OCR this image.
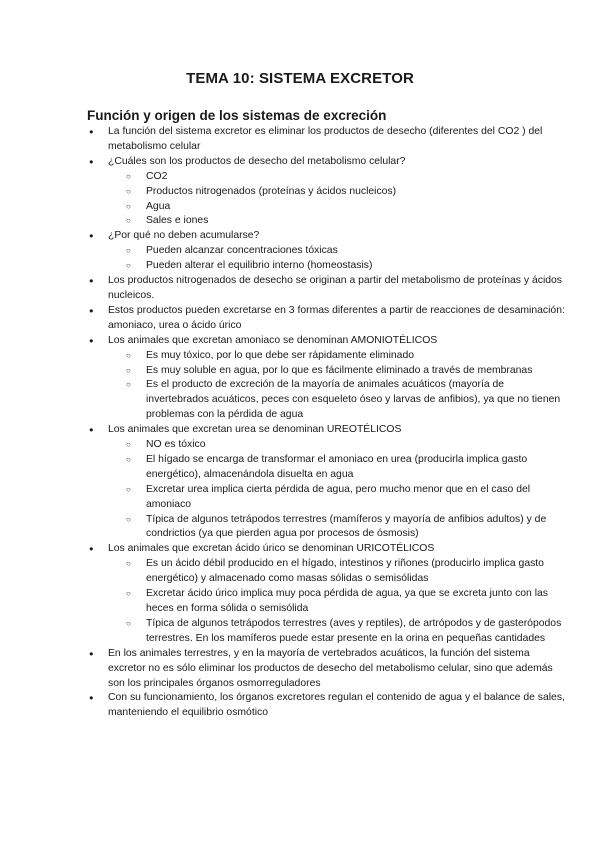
TEMA 10: SISTEMA EXCRETOR
Función y origen de los sistemas de excreción
● La función del sistema excretor es eliminar los productos de desecho (diferentes del CO2 ) del metabolismo celular
● ¿Cuáles son los productos de desecho del metabolismo celular?
○ CO2
○ Productos nitrogenados (proteínas y ácidos nucleicos)
○ Agua
○ Sales e iones
● ¿Por qué no deben acumularse?
○ Pueden alcanzar concentraciones tóxicas
○ Pueden alterar el equilibrio interno (homeostasis)
● Los productos nitrogenados de desecho se originan a partir del metabolismo de proteínas y ácidos nucleicos.
● Estos productos pueden excretarse en 3 formas diferentes a partir de reacciones de desaminación: amoniaco, urea o ácido úrico
● Los animales que excretan amoniaco se denominan AMONIOTÉLICOS
○ Es muy tóxico, por lo que debe ser rápidamente eliminado
○ Es muy soluble en agua, por lo que es fácilmente eliminado a través de membranas
○ Es el producto de excreción de la mayoría de animales acuáticos (mayoría de invertebrados acuáticos, peces con esqueleto óseo y larvas de anfibios), ya que no tienen problemas con la pérdida de agua
● Los animales que excretan urea se denominan UREOTÉLICOS
○ NO es tóxico
○ El hígado se encarga de transformar el amoniaco en urea (producirla implica gasto energético), almacenándola disuelta en agua
○ Excretar urea implica cierta pérdida de agua, pero mucho menor que en el caso del amoniaco
○ Típica de algunos tetrápodos terrestres (mamíferos y mayoría de anfibios adultos) y de condrictios (ya que pierden agua por procesos de ósmosis)
● Los animales que excretan ácido úrico se denominan URICOTÉLICOS
○ Es un ácido débil producido en el hígado, intestinos y riñones (producirlo implica gasto energético) y almacenado como masas sólidas o semisólidas
○ Excretar ácido úrico implica muy poca pérdida de agua, ya que se excreta junto con las heces en forma sólida o semisólida
○ Típica de algunos tetrápodos terrestres (aves y reptiles), de artrópodos y de gasterópodos terrestres. En los mamíferos puede estar presente en la orina en pequeñas cantidades
● En los animales terrestres, y en la mayoría de vertebrados acuáticos, la función del sistema excretor no es sólo eliminar los productos de desecho del metabolismo celular, sino que además son los principales órganos osmorreguladores
● Con su funcionamiento, los órganos excretores regulan el contenido de agua y el balance de sales, manteniendo el equilibrio osmótico
